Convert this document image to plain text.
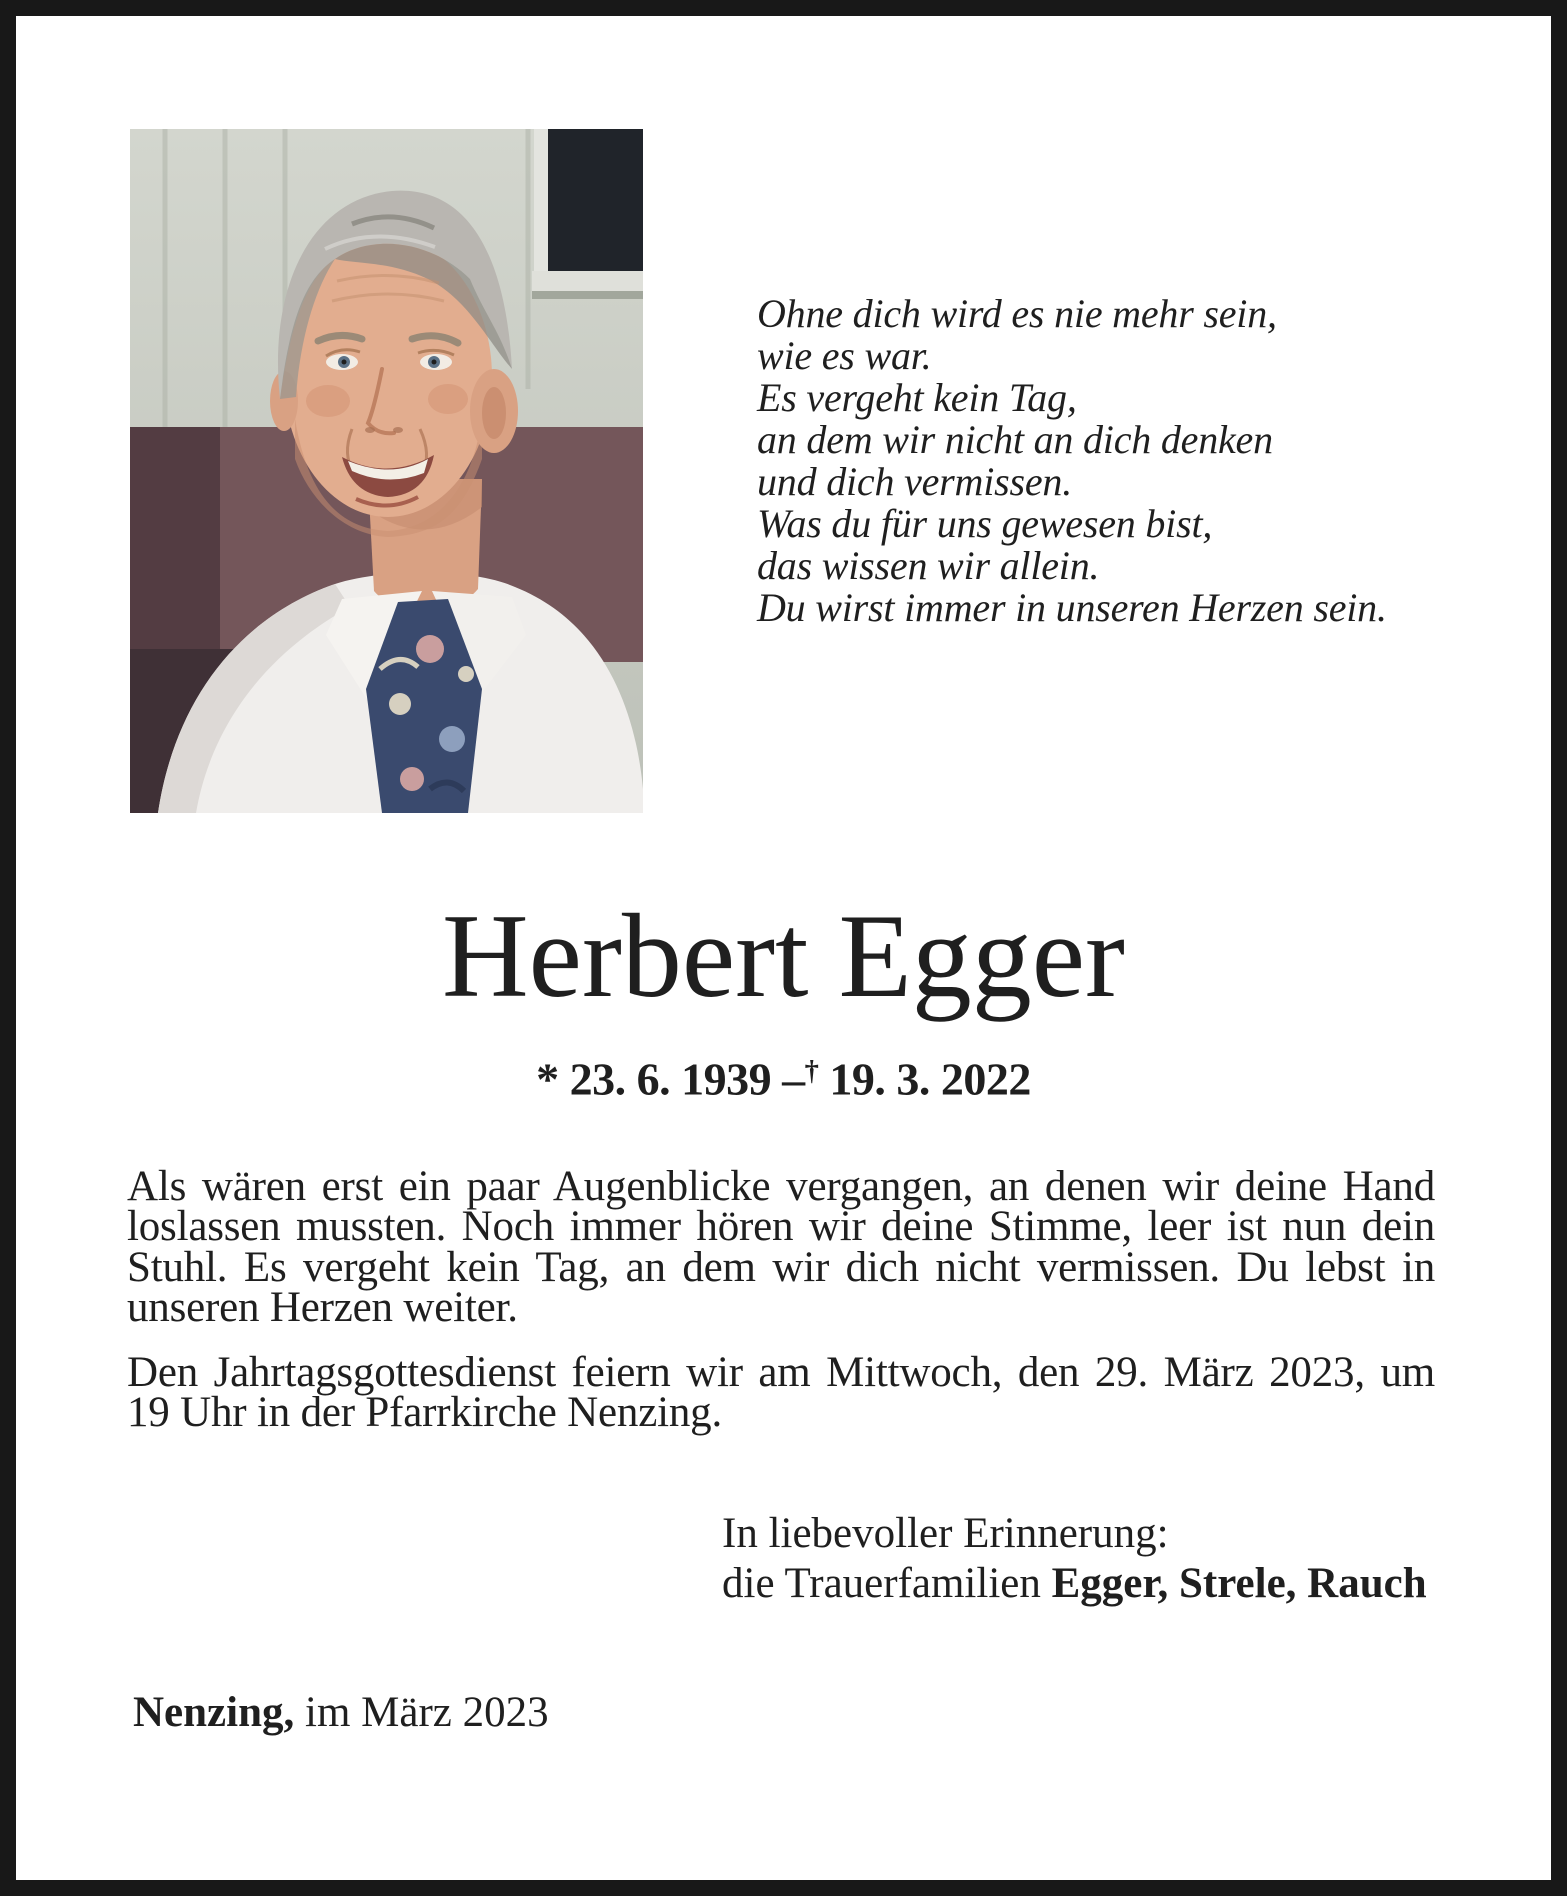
Ohne dich wird es nie mehr sein,
wie es war.
Es vergeht kein Tag,
an dem wir nicht an dich denken
und dich vermissen.
Was du für uns gewesen bist,
das wissen wir allein.
Du wirst immer in unseren Herzen sein.
Herbert Egger
* 23. 6. 1939 –† 19. 3. 2022
Als wären erst ein paar Augenblicke vergangen, an denen wir deine Hand loslassen mussten. Noch immer hören wir deine Stimme, leer ist nun dein Stuhl. Es vergeht kein Tag, an dem wir dich nicht vermissen. Du lebst in unseren Herzen weiter.
Den Jahrtagsgottesdienst feiern wir am Mittwoch, den 29. März 2023, um 19 Uhr in der Pfarrkirche Nenzing.
In liebevoller Erinnerung:
die Trauerfamilien Egger, Strele, Rauch
Nenzing, im März 2023
